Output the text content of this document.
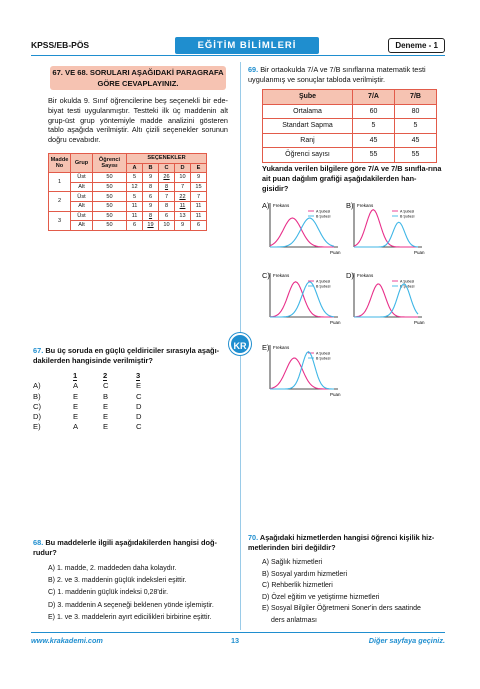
KPSS/EB-PÖS	EĞİTİM BİLİMLERİ	Deneme - 1
KR
67. VE 68. SORULARI AŞAĞIDAKİ PARAGRAFA GÖRE CEVAPLAYINIZ.
Bir okulda 9. Sınıf öğrencilerine beş seçenekli bir ede-biyat testi uygulanmıştır. Testteki ilk üç maddenin alt grup-üst grup yöntemiyle madde analizini gösteren tablo aşağıda verilmiştir. Altı çizili seçenekler sorunun doğru cevabıdır.
Madde No	Grup	Öğrenci Sayısı	SEÇENEKLER				
			A	B	C	D	E
1	Üst	50	5	9	26	10	9
	Alt	50	12	8	8	7	15
2	Üst	50	5	6	7	22	7
	Alt	50	11	9	8	11	11
3	Üst	50	11	8	6	13	11
	Alt	50	6	19	10	9	6
67. Bu üç soruda en güçlü çeldiriciler sırasıyla aşağı-dakilerden hangisinde verilmiştir?
1	2	3
A)	A	C	E
B)	E	B	C
C)	E	E	D
D)	E	E	D
E)	A	E	C
68. Bu maddelerle ilgili aşağıdakilerden hangisi doğ-rudur?
A) 1. madde, 2. maddeden daha kolaydır.
B) 2. ve 3. maddenin güçlük indeksleri eşittir.
C) 1. maddenin güçlük indeksi 0,28'dir.
D) 3. maddenin A seçeneği beklenen yönde işlemiştir.
E) 1. ve 3. maddelerin ayırt edicilikleri birbirine eşittir.
69. Bir ortaokulda 7/A ve 7/B sınıflarına matematik testi uygulanmış ve sonuçlar tabloda verilmiştir.
Şube	7/A	7/B
Ortalama	60	80
Standart Sapma	5	5
Ranj	45	45
Öğrenci sayısı	55	55
Yukarıda verilen bilgilere göre 7/A ve 7/B sınıfla-rına ait puan dağılım grafiği aşağıdakilerden han-gisidir?
A)	B)
C)	D)
E)
Frekans
Puan
A Şubesi
B Şubesi
Frekans
Puan
A Şubesi
B Şubesi
Frekans
Puan
A Şubesi
B Şubesi
Frekans
Puan
A Şubesi
B Şubesi
Frekans
Puan
A Şubesi
B Şubesi
70. Aşağıdaki hizmetlerden hangisi öğrenci kişilik hiz-metlerinden biri değildir?
A) Sağlık hizmetleri
B) Sosyal yardım hizmetleri
C) Rehberlik hizmetleri
D) Özel eğitim ve yetiştirme hizmetleri
E) Sosyal Bilgiler Öğretmeni Soner'in ders saatinde
ders anlatması
www.krakademi.com	13	Diğer sayfaya geçiniz.
